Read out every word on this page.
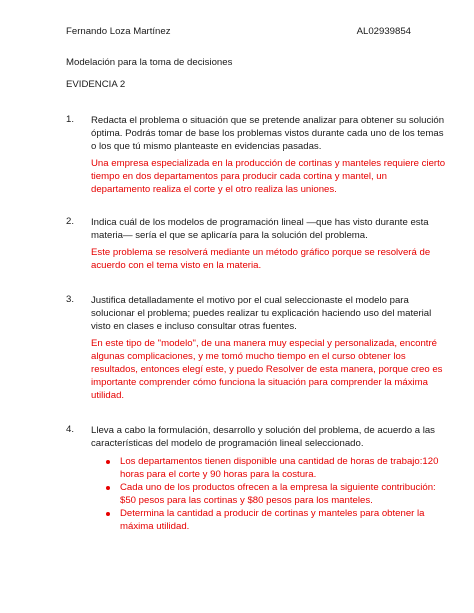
Fernando Loza Martínez	AL02939854
Modelación para la toma de decisiones
EVIDENCIA 2
1. Redacta el problema o situación que se pretende analizar para obtener su solución
óptima. Podrás tomar de base los problemas vistos durante cada uno de los temas
o los que tú mismo planteaste en evidencias pasadas.
Una empresa especializada en la producción de cortinas y manteles requiere cierto
tiempo en dos departamentos para producir cada cortina y mantel, un
departamento realiza el corte y el otro realiza las uniones.
2. Indica cuál de los modelos de programación lineal —que has visto durante esta
materia— sería el que se aplicaría para la solución del problema.
Este problema se resolverá mediante un método gráfico porque se resolverá de
acuerdo con el tema visto en la materia.
3. Justifica detalladamente el motivo por el cual seleccionaste el modelo para
solucionar el problema; puedes realizar tu explicación haciendo uso del material
visto en clases e incluso consultar otras fuentes.
En este tipo de "modelo", de una manera muy especial y personalizada, encontré
algunas complicaciones, y me tomó mucho tiempo en el curso obtener los
resultados, entonces elegí este, y puedo Resolver de esta manera, porque creo es
importante comprender cómo funciona la situación para comprender la máxima
utilidad.
4. Lleva a cabo la formulación, desarrollo y solución del problema, de acuerdo a las
características del modelo de programación lineal seleccionado.
Los departamentos tienen disponible una cantidad de horas de trabajo:120
horas para el corte y 90 horas para la costura.
Cada uno de los productos ofrecen a la empresa la siguiente contribución:
$50 pesos para las cortinas y $80 pesos para los manteles.
Determina la cantidad a producir de cortinas y manteles para obtener la
máxima utilidad.
